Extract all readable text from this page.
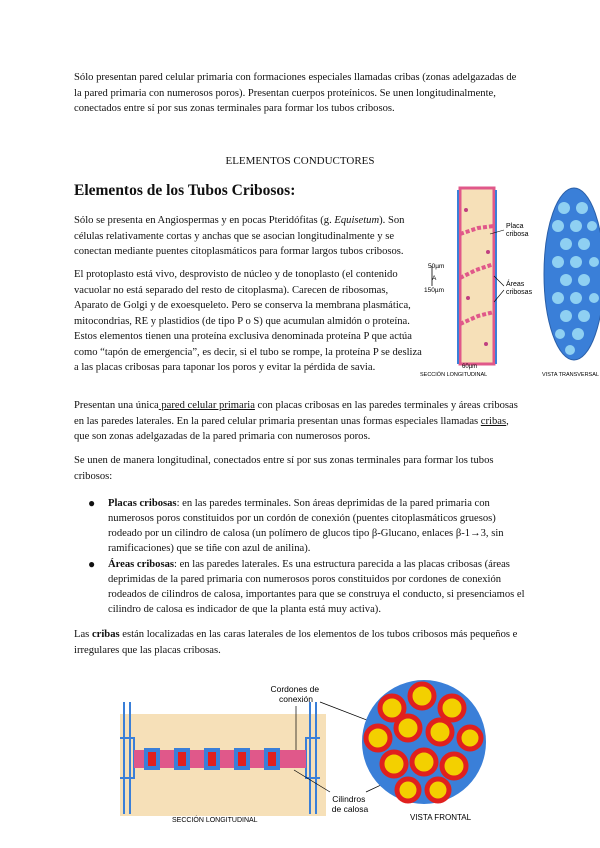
Sólo presentan pared celular primaria con formaciones especiales llamadas cribas (zonas adelgazadas de la pared primaria con numerosos poros). Presentan cuerpos proteínicos. Se unen longitudinalmente, conectados entre sí por sus zonas terminales para formar los tubos cribosos.
ELEMENTOS CONDUCTORES
Elementos de los Tubos Cribosos:
Sólo se presenta en Angiospermas y en pocas Pteridófitas (g. Equisetum). Son células relativamente cortas y anchas que se asocian longitudinalmente y se conectan mediante puentes citoplasmáticos para formar largos tubos cribosos.
El protoplasto está vivo, desprovisto de núcleo y de tonoplasto (el contenido vacuolar no está separado del resto de citoplasma). Carecen de ribosomas, Aparato de Golgi y de exoesqueleto. Pero se conserva la membrana plasmática, mitocondrias, RE y plastidios (de tipo P o S) que acumulan almidón o proteína. Estos elementos tienen una proteína exclusiva denominada proteína P que actúa como “tapón de emergencia”, es decir, si el tubo se rompe, la proteína P se desliza a las placas cribosas para taponar los poros y evitar la pérdida de savia.
Placa cribosa
Áreas cribosas
50µm
A
150µm
60µm
SECCIÓN LONGITUDINAL	VISTA TRANSVERSAL
Presentan una única pared celular primaria con placas cribosas en las paredes terminales y áreas cribosas en las paredes laterales. En la pared celular primaria presentan unas formas especiales llamadas cribas, que son zonas adelgazadas de la pared primaria con numerosos poros.
Se unen de manera longitudinal, conectados entre sí por sus zonas terminales para formar los tubos cribosos:
● Placas cribosas: en las paredes terminales. Son áreas deprimidas de la pared primaria con numerosos poros constituidos por un cordón de conexión (puentes citoplasmáticos gruesos) rodeado por un cilindro de calosa (un polímero de glucos tipo β-Glucano, enlaces β-1→3, sin ramificaciones) que se tiñe con azul de anilina).
● Áreas cribosas: en las paredes laterales. Es una estructura parecida a las placas cribosas (áreas deprimidas de la pared primaria con numerosos poros constituidos por cordones de conexión rodeados de cilindros de calosa, importantes para que se construya el conducto, si presenciamos el cilindro de calosa es indicador de que la planta está muy activa).
Las cribas están localizadas en las caras laterales de los elementos de los tubos cribosos más pequeños e irregulares que las placas cribosas.
SECCIÓN LONGITUDINAL
Cordones de conexión
Cilindros de calosa
VISTA FRONTAL
